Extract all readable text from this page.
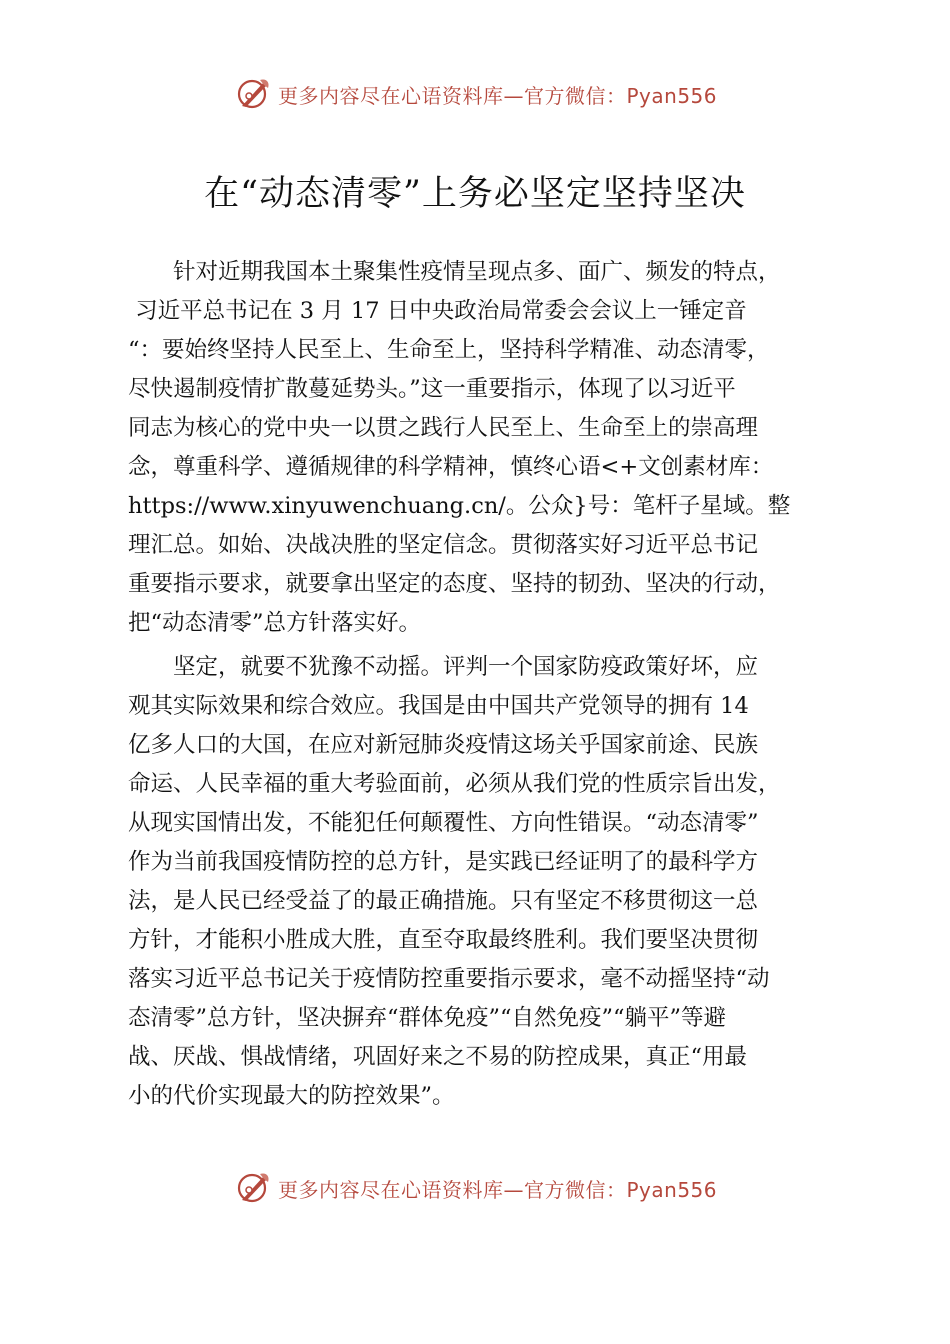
更多内容尽在心语资料库—官方微信：Pyan556
在“动态清零”上务必坚定坚持坚决
针对近期我国本土聚集性疫情呈现点多、面广、频发的特点，
习近平总书记在 3 月 17 日中央政治局常委会会议上一锤定音
“：要始终坚持人民至上、生命至上，坚持科学精准、动态清零，
尽快遏制疫情扩散蔓延势头。”这一重要指示，体现了以习近平
同志为核心的党中央一以贯之践行人民至上、生命至上的崇高理
念，尊重科学、遵循规律的科学精神，慎终心语<+文创素材库：
https://www.xinyuwenchuang.cn/。公众}号：笔杆子星域。整
理汇总。如始、决战决胜的坚定信念。贯彻落实好习近平总书记
重要指示要求，就要拿出坚定的态度、坚持的韧劲、坚决的行动，
把“动态清零”总方针落实好。
坚定，就要不犹豫不动摇。评判一个国家防疫政策好坏，应
观其实际效果和综合效应。我国是由中国共产党领导的拥有 14
亿多人口的大国，在应对新冠肺炎疫情这场关乎国家前途、民族
命运、人民幸福的重大考验面前，必须从我们党的性质宗旨出发，
从现实国情出发，不能犯任何颠覆性、方向性错误。“动态清零”
作为当前我国疫情防控的总方针，是实践已经证明了的最科学方
法，是人民已经受益了的最正确措施。只有坚定不移贯彻这一总
方针，才能积小胜成大胜，直至夺取最终胜利。我们要坚决贯彻
落实习近平总书记关于疫情防控重要指示要求，毫不动摇坚持“动
态清零”总方针，坚决摒弃“群体免疫”“自然免疫”“躺平”等避
战、厌战、惧战情绪，巩固好来之不易的防控成果，真正“用最
小的代价实现最大的防控效果”。
更多内容尽在心语资料库—官方微信：Pyan556
